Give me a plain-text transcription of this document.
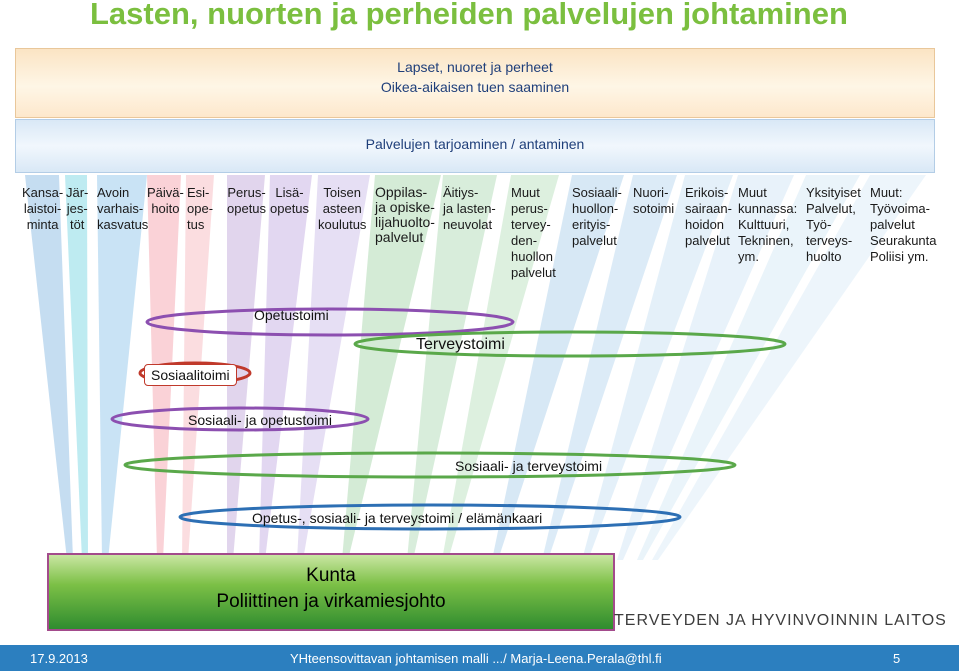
Lasten, nuorten ja perheiden palvelujen johtaminen
Lapset, nuoret ja perheet
Oikea-aikaisen tuen saaminen
Palvelujen tarjoaminen / antaminen
Kansa-
laistoi-
minta
Jär-
jes-
töt
Avoin
varhais-
kasvatus
Päivä-
hoito
Esi-
ope-
tus
Perus-
opetus
Lisä-
opetus
Toisen
asteen
koulutus
Oppilas-
ja opiske-
lijahuolto-
palvelut
Äitiys-
ja lasten-
neuvolat
Muut
perus-
terveу-
den-
huollon
palvelut
Sosiaali-
huollon-
erityis-
palvelut
Nuori-
sotoimi
Erikois-
sairaan-
hoidon
palvelut
Muut
kunnassa:
Kulttuuri,
Tekninen,
ym.
Yksityiset
Palvelut,
Työ-
terveys-
huolto
Muut:
Työvoima-
palvelut
Seurakunta
Poliisi ym.
Opetustoimi
Terveystoimi
Sosiaalitoimi
Sosiaali- ja opetustoimi
Sosiaali- ja terveystoimi
Opetus-, sosiaali- ja terveystoimi / elämänkaari
Kunta
Poliittinen ja virkamiesjohto
TERVEYDEN JA HYVINVOINNIN LAITOS
17.9.2013	YHteensovittavan johtamisen malli .../ Marja-Leena.Perala@thl.fi	5
